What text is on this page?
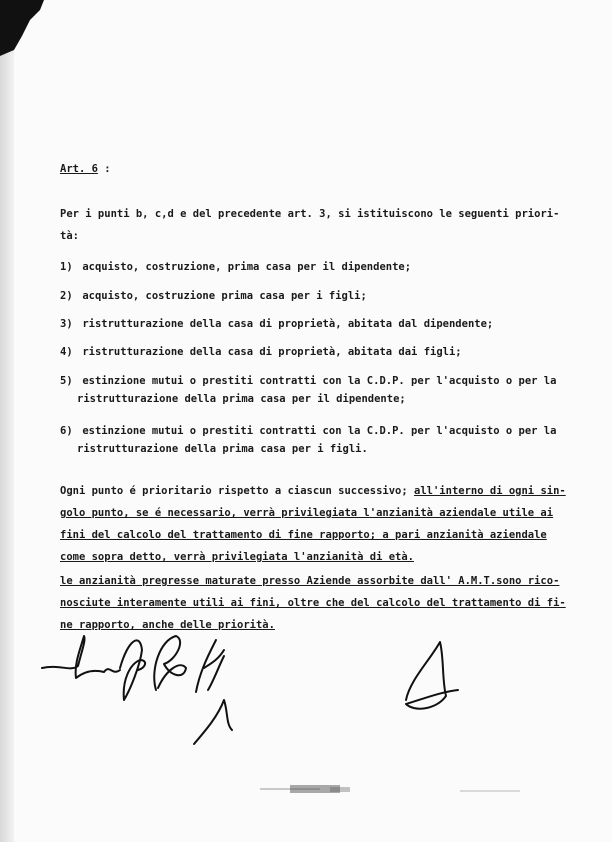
Art. 6 :
Per i punti b, c,d e del precedente art. 3, si istituiscono le seguenti priori-
tà:
1) acquisto, costruzione, prima casa per il dipendente;
2) acquisto, costruzione prima casa per i figli;
3) ristrutturazione della casa di proprietà, abitata dal dipendente;
4) ristrutturazione della casa di proprietà, abitata dai figli;
5) estinzione mutui o prestiti contratti con la C.D.P. per l'acquisto o per la
ristrutturazione della prima casa per il dipendente;
6) estinzione mutui o prestiti contratti con la C.D.P. per l'acquisto o per la
ristrutturazione della prima casa per i figli.
Ogni punto é prioritario rispetto a ciascun successivo; all'interno di ogni sin-
golo punto, se é necessario, verrà privilegiata l'anzianità aziendale utile ai
fini del calcolo del trattamento di fine rapporto; a pari anzianità aziendale
come sopra detto, verrà privilegiata l'anzianità di età.
le anzianità pregresse maturate presso Aziende assorbite dall' A.M.T.sono rico-
nosciute interamente utili ai fini, oltre che del calcolo del trattamento di fi-
ne rapporto, anche delle priorità.
